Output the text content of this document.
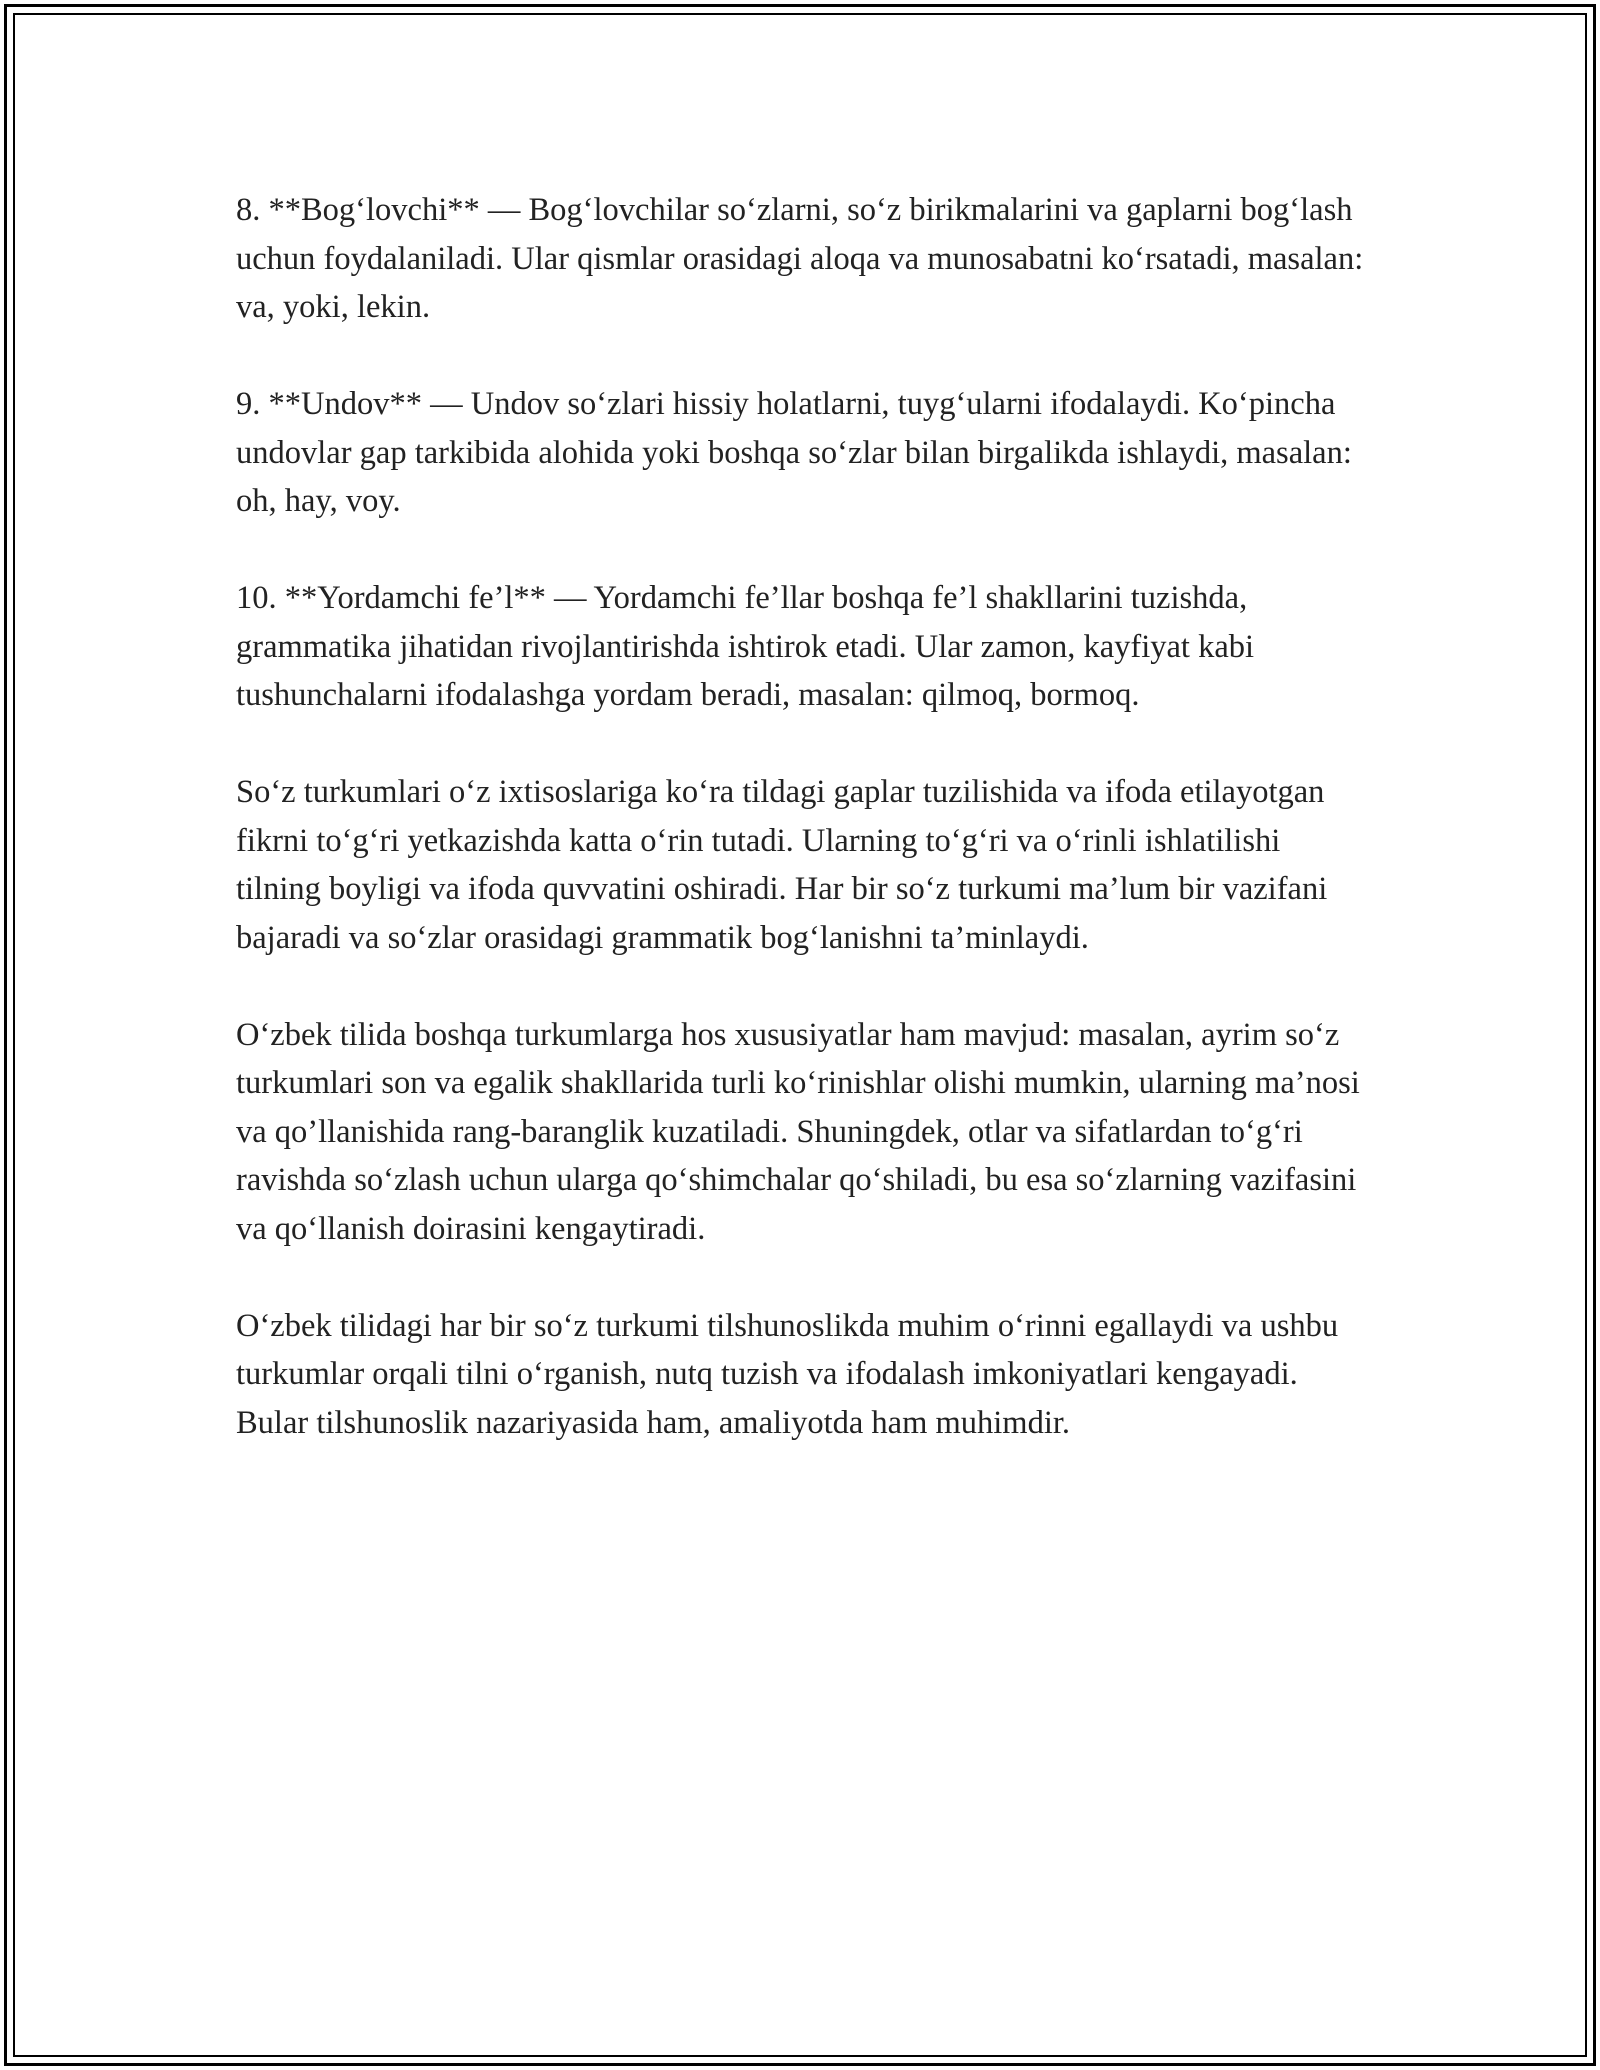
8. **Bog‘lovchi** — Bog‘lovchilar so‘zlarni, so‘z birikmalarini va gaplarni bog‘lash uchun foydalaniladi. Ular qismlar orasidagi aloqa va munosabatni ko‘rsatadi, masalan: va, yoki, lekin.

9. **Undov** — Undov so‘zlari hissiy holatlarni, tuyg‘ularni ifodalaydi. Ko‘pincha undovlar gap tarkibida alohida yoki boshqa so‘zlar bilan birgalikda ishlaydi, masalan: oh, hay, voy.

10. **Yordamchi fe’l** — Yordamchi fe’llar boshqa fe’l shakllarini tuzishda, grammatika jihatidan rivojlantirishda ishtirok etadi. Ular zamon, kayfiyat kabi tushunchalarni ifodalashga yordam beradi, masalan: qilmoq, bormoq.

So‘z turkumlari o‘z ixtisoslariga ko‘ra tildagi gaplar tuzilishida va ifoda etilayotgan fikrni to‘g‘ri yetkazishda katta o‘rin tutadi. Ularning to‘g‘ri va o‘rinli ishlatilishi tilning boyligi va ifoda quvvatini oshiradi. Har bir so‘z turkumi ma’lum bir vazifani bajaradi va so‘zlar orasidagi grammatik bog‘lanishni ta’minlaydi.

O‘zbek tilida boshqa turkumlarga hos xususiyatlar ham mavjud: masalan, ayrim so‘z turkumlari son va egalik shakllarida turli ko‘rinishlar olishi mumkin, ularning ma’nosi va qo’llanishida rang-baranglik kuzatiladi. Shuningdek, otlar va sifatlardan to‘g‘ri ravishda so‘zlash uchun ularga qo‘shimchalar qo‘shiladi, bu esa so‘zlarning vazifasini va qo‘llanish doirasini kengaytiradi.

O‘zbek tilidagi har bir so‘z turkumi tilshunoslikda muhim o‘rinni egallaydi va ushbu turkumlar orqali tilni o‘rganish, nutq tuzish va ifodalash imkoniyatlari kengayadi. Bular tilshunoslik nazariyasida ham, amaliyotda ham muhimdir.
